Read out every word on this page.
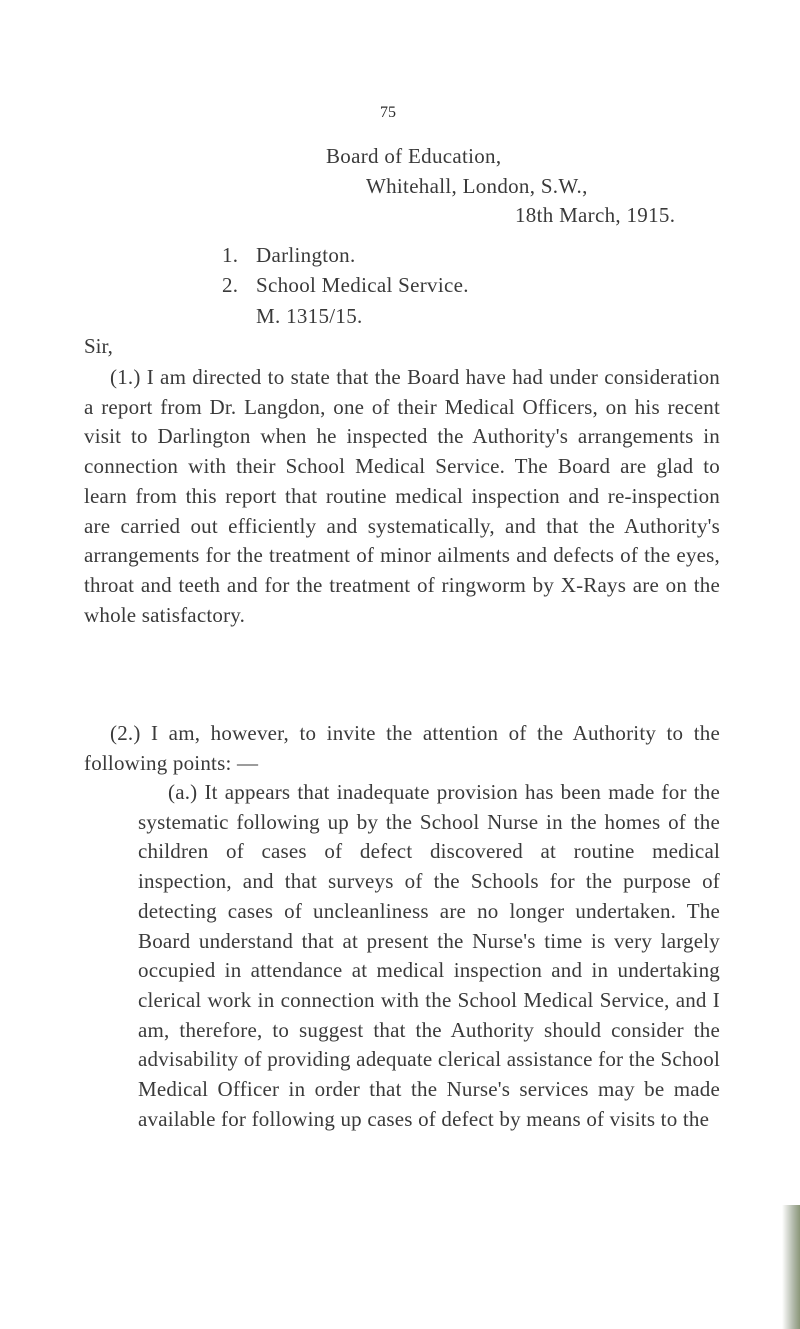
75
Board of Education,
Whitehall, London, S.W.,
18th March, 1915.
1. Darlington.
2. School Medical Service.
M. 1315/15.
Sir,
(1.) I am directed to state that the Board have had under consideration a report from Dr. Langdon, one of their Medical Officers, on his recent visit to Darlington when he inspected the Authority's arrangements in connection with their School Medical Service. The Board are glad to learn from this report that routine medical inspection and re-inspection are carried out efficiently and systematically, and that the Authority's arrangements for the treatment of minor ailments and defects of the eyes, throat and teeth and for the treatment of ringworm by X-Rays are on the whole satisfactory.
(2.) I am, however, to invite the attention of the Authority to the following points: —
(a.) It appears that inadequate provision has been made for the systematic following up by the School Nurse in the homes of the children of cases of defect discovered at routine medical inspection, and that surveys of the Schools for the purpose of detecting cases of uncleanliness are no longer undertaken. The Board understand that at present the Nurse's time is very largely occupied in attendance at medical inspection and in undertaking clerical work in connection with the School Medical Service, and I am, therefore, to suggest that the Authority should consider the advisability of providing adequate clerical assistance for the School Medical Officer in order that the Nurse's services may be made available for following up cases of defect by means of visits to the
